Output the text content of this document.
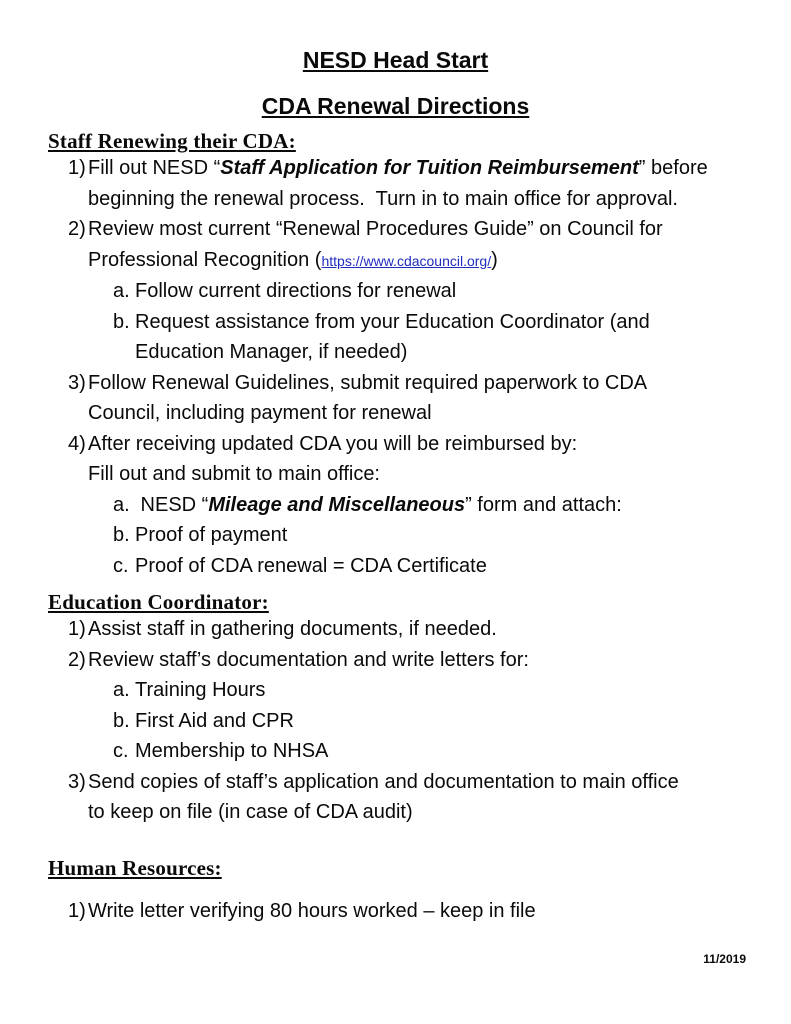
NESD Head Start
CDA Renewal Directions
Staff Renewing their CDA:
1) Fill out NESD “Staff Application for Tuition Reimbursement” before
beginning the renewal process.  Turn in to main office for approval.
2) Review most current “Renewal Procedures Guide” on Council for
Professional Recognition (https://www.cdacouncil.org/)
a. Follow current directions for renewal
b. Request assistance from your Education Coordinator (and
Education Manager, if needed)
3) Follow Renewal Guidelines, submit required paperwork to CDA
Council, including payment for renewal
4) After receiving updated CDA you will be reimbursed by:
Fill out and submit to main office:
a. NESD “Mileage and Miscellaneous” form and attach:
b. Proof of payment
c. Proof of CDA renewal = CDA Certificate
Education Coordinator:
1) Assist staff in gathering documents, if needed.
2) Review staff’s documentation and write letters for:
a. Training Hours
b. First Aid and CPR
c. Membership to NHSA
3) Send copies of staff’s application and documentation to main office
to keep on file (in case of CDA audit)
Human Resources:
1) Write letter verifying 80 hours worked – keep in file
11/2019
